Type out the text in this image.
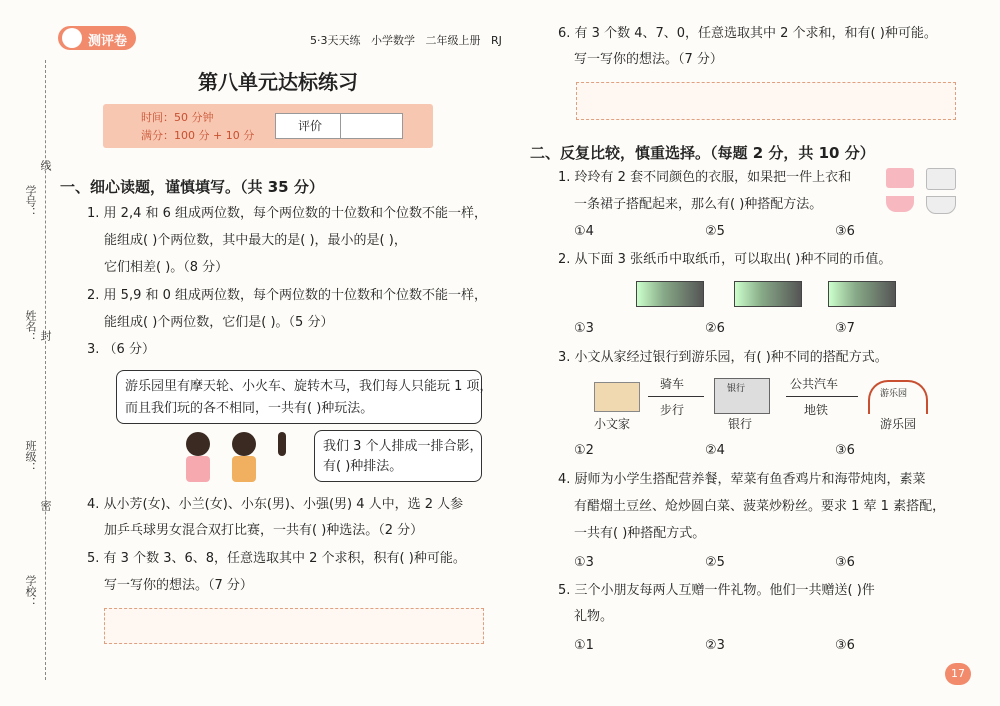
学号：
姓名：
班级：
学校：
线
封
密
测评卷	5·3天天练 小学数学 二年级上册 RJ
第八单元达标练习
时间：50 分钟
满分：100 分 + 10 分
评价
一、细心读题，谨慎填写。（共 35 分）
1. 用 2,4 和 6 组成两位数，每个两位数的十位数和个位数不能一样，
能组成( )个两位数，其中最大的是( )，最小的是( )，
它们相差( )。（8 分）
2. 用 5,9 和 0 组成两位数，每个两位数的十位数和个位数不能一样，
能组成( )个两位数，它们是( )。（5 分）
3. （6 分）
游乐园里有摩天轮、小火车、旋转木马，我们每人只能玩 1 项，
而且我们玩的各不相同，一共有( )种玩法。
我们 3 个人排成一排合影，
有( )种排法。
4. 从小芳(女)、小兰(女)、小东(男)、小强(男) 4 人中，选 2 人参
加乒乓球男女混合双打比赛，一共有( )种选法。（2 分）
5. 有 3 个数 3、6、8，任意选取其中 2 个求积，积有( )种可能。
写一写你的想法。（7 分）
6. 有 3 个数 4、7、0，任意选取其中 2 个求和，和有( )种可能。
写一写你的想法。（7 分）
二、反复比较，慎重选择。（每题 2 分，共 10 分）
1. 玲玲有 2 套不同颜色的衣服，如果把一件上衣和
一条裙子搭配起来，那么有( )种搭配方法。
①4	②5	③6
2. 从下面 3 张纸币中取纸币，可以取出( )种不同的币值。
①3	②6	③7
3. 小文从家经过银行到游乐园，有( )种不同的搭配方式。
小文家
骑车
步行
银行
银行
公共汽车
地铁
游乐园
游乐园
①2	②4	③6
4. 厨师为小学生搭配营养餐，荤菜有鱼香鸡片和海带炖肉，素菜
有醋熘土豆丝、炝炒圆白菜、菠菜炒粉丝。要求 1 荤 1 素搭配，
一共有( )种搭配方式。
①3	②5	③6
5. 三个小朋友每两人互赠一件礼物。他们一共赠送( )件
礼物。
①1	②3	③6
17
